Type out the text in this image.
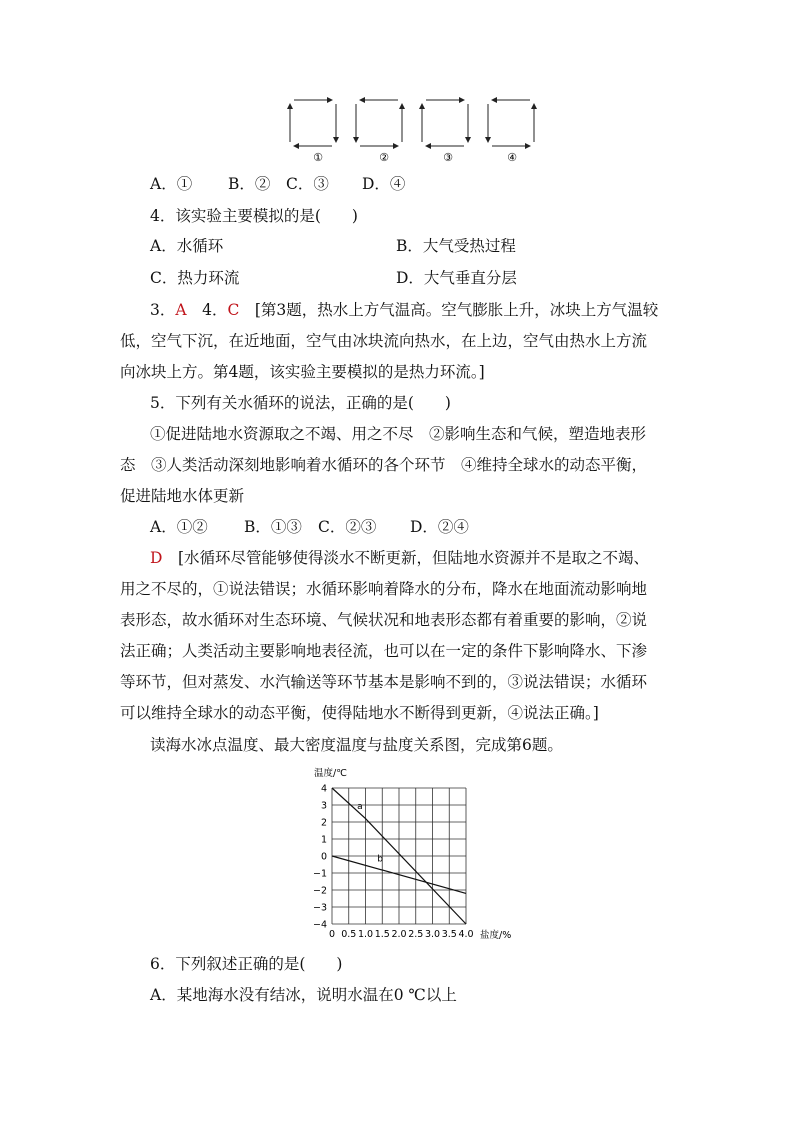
①	②	③	④
A．① B．② C．③ D．④
4．该实验主要模拟的是(　　)
A．水循环	B．大气受热过程
C．热力环流	D．大气垂直分层
3．A　4．C　[第3题，热水上方气温高。空气膨胀上升，冰块上方气温较
低，空气下沉，在近地面，空气由冰块流向热水，在上边，空气由热水上方流
向冰块上方。第4题，该实验主要模拟的是热力环流。]
5．下列有关水循环的说法，正确的是(　　)
①促进陆地水资源取之不竭、用之不尽　②影响生态和气候，塑造地表形
态　③人类活动深刻地影响着水循环的各个环节　④维持全球水的动态平衡，
促进陆地水体更新
A．①② B．①③ C．②③ D．②④
D　[水循环尽管能够使得淡水不断更新，但陆地水资源并不是取之不竭、
用之不尽的，①说法错误；水循环影响着降水的分布，降水在地面流动影响地
表形态，故水循环对生态环境、气候状况和地表形态都有着重要的影响，②说
法正确；人类活动主要影响地表径流，也可以在一定的条件下影响降水、下渗
等环节，但对蒸发、水汽输送等环节基本是影响不到的，③说法错误；水循环
可以维持全球水的动态平衡，使得陆地水不断得到更新，④说法正确。]
读海水冰点温度、最大密度温度与盐度关系图，完成第6题。
温度/℃
4
3
2
1
0
−1
−2
−3
−4
0 0.5 1.0 1.5 2.0 2.5 3.0 3.5 4.0
a
b
盐度/%
6．下列叙述正确的是(　　)
A．某地海水没有结冰，说明水温在0 ℃以上
